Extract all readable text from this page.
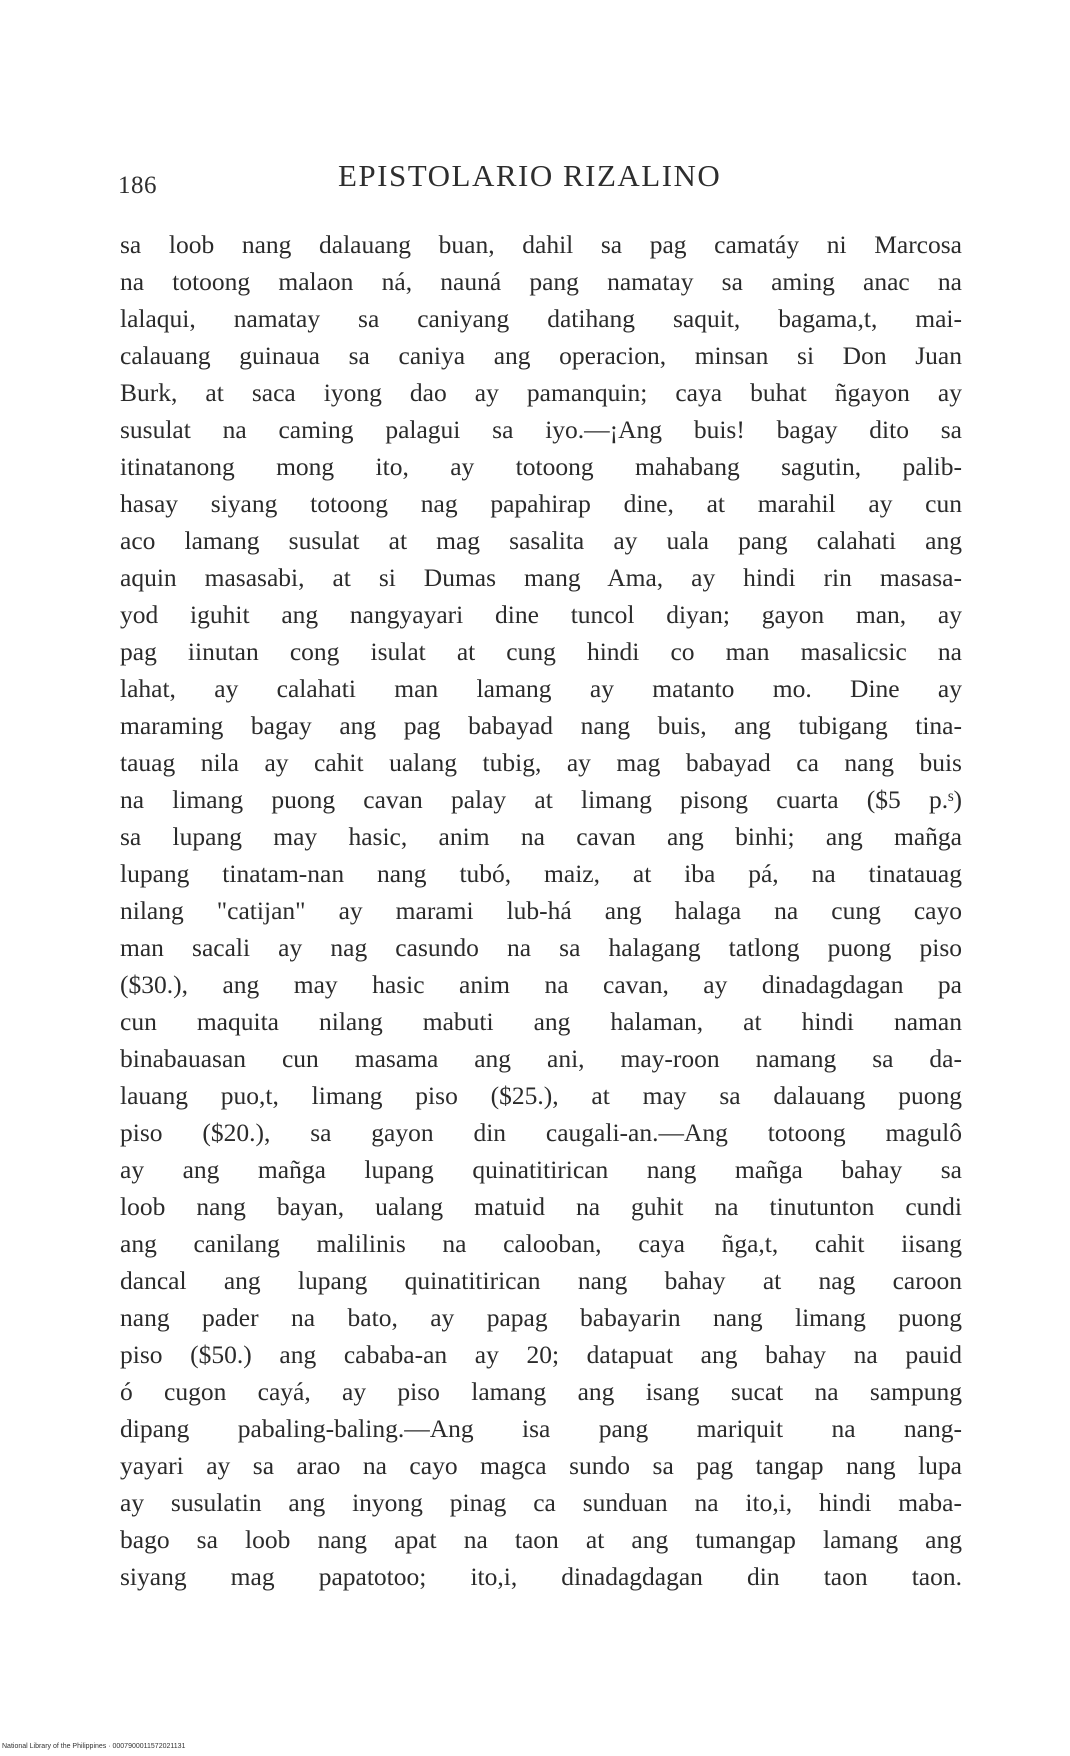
186	EPISTOLARIO RIZALINO
sa loob nang dalauang buan, dahil sa pag camatáy ni Marcosa
na totoong malaon ná, nauná pang namatay sa aming anac na
lalaqui, namatay sa caniyang datihang saquit, bagama,t, mai-
calauang guinaua sa caniya ang operacion, minsan si Don Juan
Burk, at saca iyong dao ay pamanquin; caya buhat ñgayon ay
susulat na caming palagui sa iyo.—¡Ang buis! bagay dito sa
itinatanong mong ito, ay totoong mahabang sagutin, palib-
hasay siyang totoong nag papahirap dine, at marahil ay cun
aco lamang susulat at mag sasalita ay uala pang calahati ang
aquin masasabi, at si Dumas mang Ama, ay hindi rin masasa-
yod iguhit ang nangyayari dine tuncol diyan; gayon man, ay
pag iinutan cong isulat at cung hindi co man masalicsic na
lahat, ay calahati man lamang ay matanto mo. Dine ay
maraming bagay ang pag babayad nang buis, ang tubigang tina-
tauag nila ay cahit ualang tubig, ay mag babayad ca nang buis
na limang puong cavan palay at limang pisong cuarta ($5 p.ˢ)
sa lupang may hasic, anim na cavan ang binhi; ang mañga
lupang tinatam-nan nang tubó, maiz, at iba pá, na tinatauag
nilang "catijan" ay marami lub-há ang halaga na cung cayo
man sacali ay nag casundo na sa halagang tatlong puong piso
($30.), ang may hasic anim na cavan, ay dinadagdagan pa
cun maquita nilang mabuti ang halaman, at hindi naman
binabauasan cun masama ang ani, may-roon namang sa da-
lauang puo,t, limang piso ($25.), at may sa dalauang puong
piso ($20.), sa gayon din caugali-an.—Ang totoong magulô
ay ang mañga lupang quinatitirican nang mañga bahay sa
loob nang bayan, ualang matuid na guhit na tinutunton cundi
ang canilang malilinis na calooban, caya ñga,t, cahit iisang
dancal ang lupang quinatitirican nang bahay at nag caroon
nang pader na bato, ay papag babayarin nang limang puong
piso ($50.) ang cababa-an ay 20; datapuat ang bahay na pauid
ó cugon cayá, ay piso lamang ang isang sucat na sampung
dipang pabaling-baling.—Ang isa pang mariquit na nang-
yayari ay sa arao na cayo magca sundo sa pag tangap nang lupa
ay susulatin ang inyong pinag ca sunduan na ito,i, hindi maba-
bago sa loob nang apat na taon at ang tumangap lamang ang
siyang mag papatotoo; ito,i, dinadagdagan din taon taon.
National Library of the Philippines · 0007900011572021131
